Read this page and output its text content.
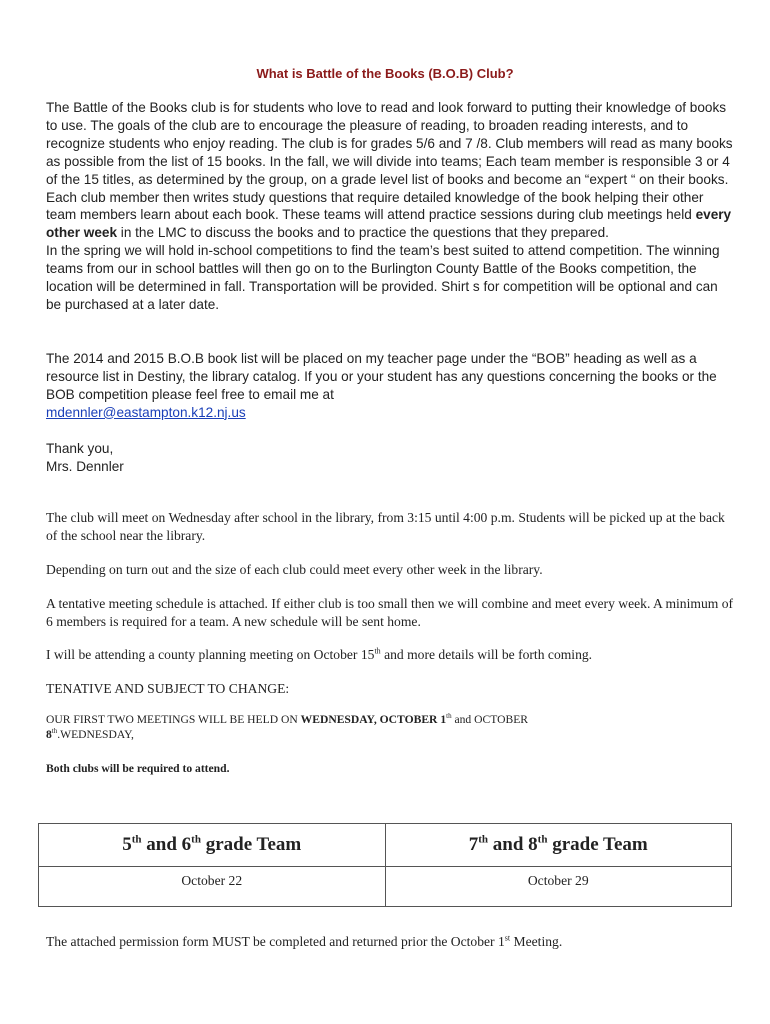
What is Battle of the Books (B.O.B) Club?

The Battle of the Books club is for students who love to read and look forward to putting their knowledge of books to use. The goals of the club are to encourage the pleasure of reading, to broaden reading interests, and to recognize students who enjoy reading. The club is for grades 5/6 and 7 /8. Club members will read as many books as possible from the list of 15 books. In the fall, we will divide into teams; Each team member is responsible 3 or 4 of the 15 titles, as determined by the group, on a grade level list of books and become an “expert “ on their books. Each club member then writes study questions that require detailed knowledge of the book helping their other team members learn about each book. These teams will attend practice sessions during club meetings held every other week in the LMC to discuss the books and to practice the questions that they prepared.
In the spring we will hold in-school competitions to find the team’s best suited to attend competition. The winning teams from our in school battles will then go on to the Burlington County Battle of the Books competition, the location will be determined in fall. Transportation will be provided. Shirt s for competition will be optional and can be purchased at a later date.

The 2014 and 2015 B.O.B book list will be placed on my teacher page under the “BOB” heading as well as a resource list in Destiny, the library catalog. If you or your student has any questions concerning the books or the BOB competition please feel free to email me at
mdennler@eastampton.k12.nj.us

Thank you,
Mrs. Dennler

The club will meet on Wednesday after school in the library, from 3:15 until 4:00 p.m. Students will be picked up at the back of the school near the library.

Depending on turn out and the size of each club could meet every other week in the library.

A tentative meeting schedule is attached. If either club is too small then we will combine and meet every week. A minimum of 6 members is required for a team. A new schedule will be sent home.

I will be attending a county planning meeting on October 15th and more details will be forth coming.

TENATIVE AND SUBJECT TO CHANGE:

OUR FIRST TWO MEETINGS WILL BE HELD ON WEDNESDAY, OCTOBER 1th and OCTOBER
8th.WEDNESDAY,

Both clubs will be required to attend.

5th and 6th grade Team	7th and 8th grade Team
October 22	October 29

The attached permission form MUST be completed and returned prior the October 1st Meeting.
